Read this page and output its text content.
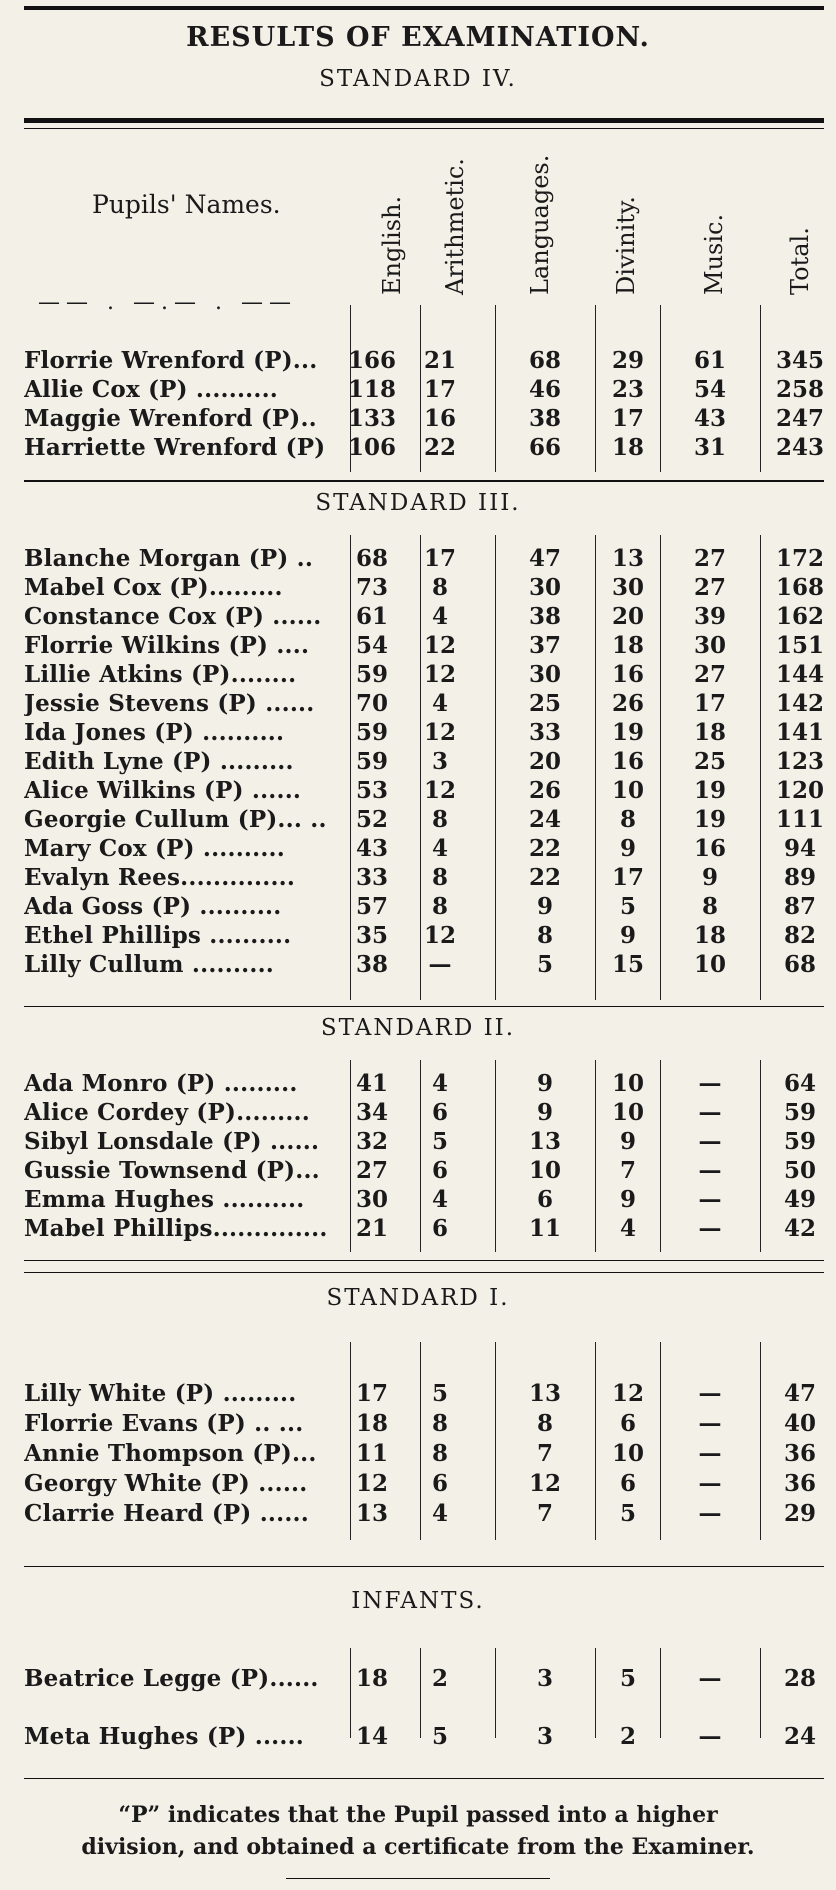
RESULTS OF EXAMINATION.
STANDARD IV.
Pupils' Names.
—— . —.— . ——
English. Arithmetic. Languages. Divinity.	Music. Total.
Florrie Wrenford (P)...	166	21	68	29	61	345
Allie Cox (P) ..........	118	17	46	23	54	258
Maggie Wrenford (P)..	133	16	38	17	43	247
Harriette Wrenford (P) 106	22	66	18	31	243
STANDARD III.
Blanche Morgan (P) ..	68	17	47	13	27	172
Mabel Cox (P).........	73	8	30	30	27	168
Constance Cox (P) ......	61	4	38	20	39	162
Florrie Wilkins (P) ....	54	12	37	18	30	151
Lillie Atkins (P)........	59	12	30	16	27	144
Jessie Stevens (P) ......	70	4	25	26	17	142
Ida Jones (P) ..........	59	12	33	19	18	141
Edith Lyne (P) .........	59	3	20	16	25	123
Alice Wilkins (P) ......	53	12	26	10	19	120
Georgie Cullum (P)... ..	52	8	24	8	19	111
Mary Cox (P) ..........	43	4	22	9	16	94
Evalyn Rees..............	33	8	22	17	9	89
Ada Goss (P) ..........	57	8	9	5	8	87
Ethel Phillips ..........	35	12	8	9	18	82
Lilly Cullum ..........	38	—	5	15	10	68
STANDARD II.
Ada Monro (P) .........	41	4	9	10	—	64
Alice Cordey (P).........	34	6	9	10	—	59
Sibyl Lonsdale (P) ......	32	5	13	9	—	59
Gussie Townsend (P)...	27	6	10	7	—	50
Emma Hughes ..........	30	4	6	9	—	49
Mabel Phillips..............	21	6	11	4	—	42
STANDARD I.
Lilly White (P) .........	17	5	13	12	—	47
Florrie Evans (P) .. ...	18	8	8	6	—	40
Annie Thompson (P)...	11	8	7	10	—	36
Georgy White (P) ......	12	6	12	6	—	36
Clarrie Heard (P) ......	13	4	7	5	—	29
INFANTS.
Beatrice Legge (P)......	18	2	3	5	—	28
Meta Hughes (P) ......	14	5	3	2	—	24
“P” indicates that the Pupil passed into a higher
division, and obtained a certificate from the Examiner.
